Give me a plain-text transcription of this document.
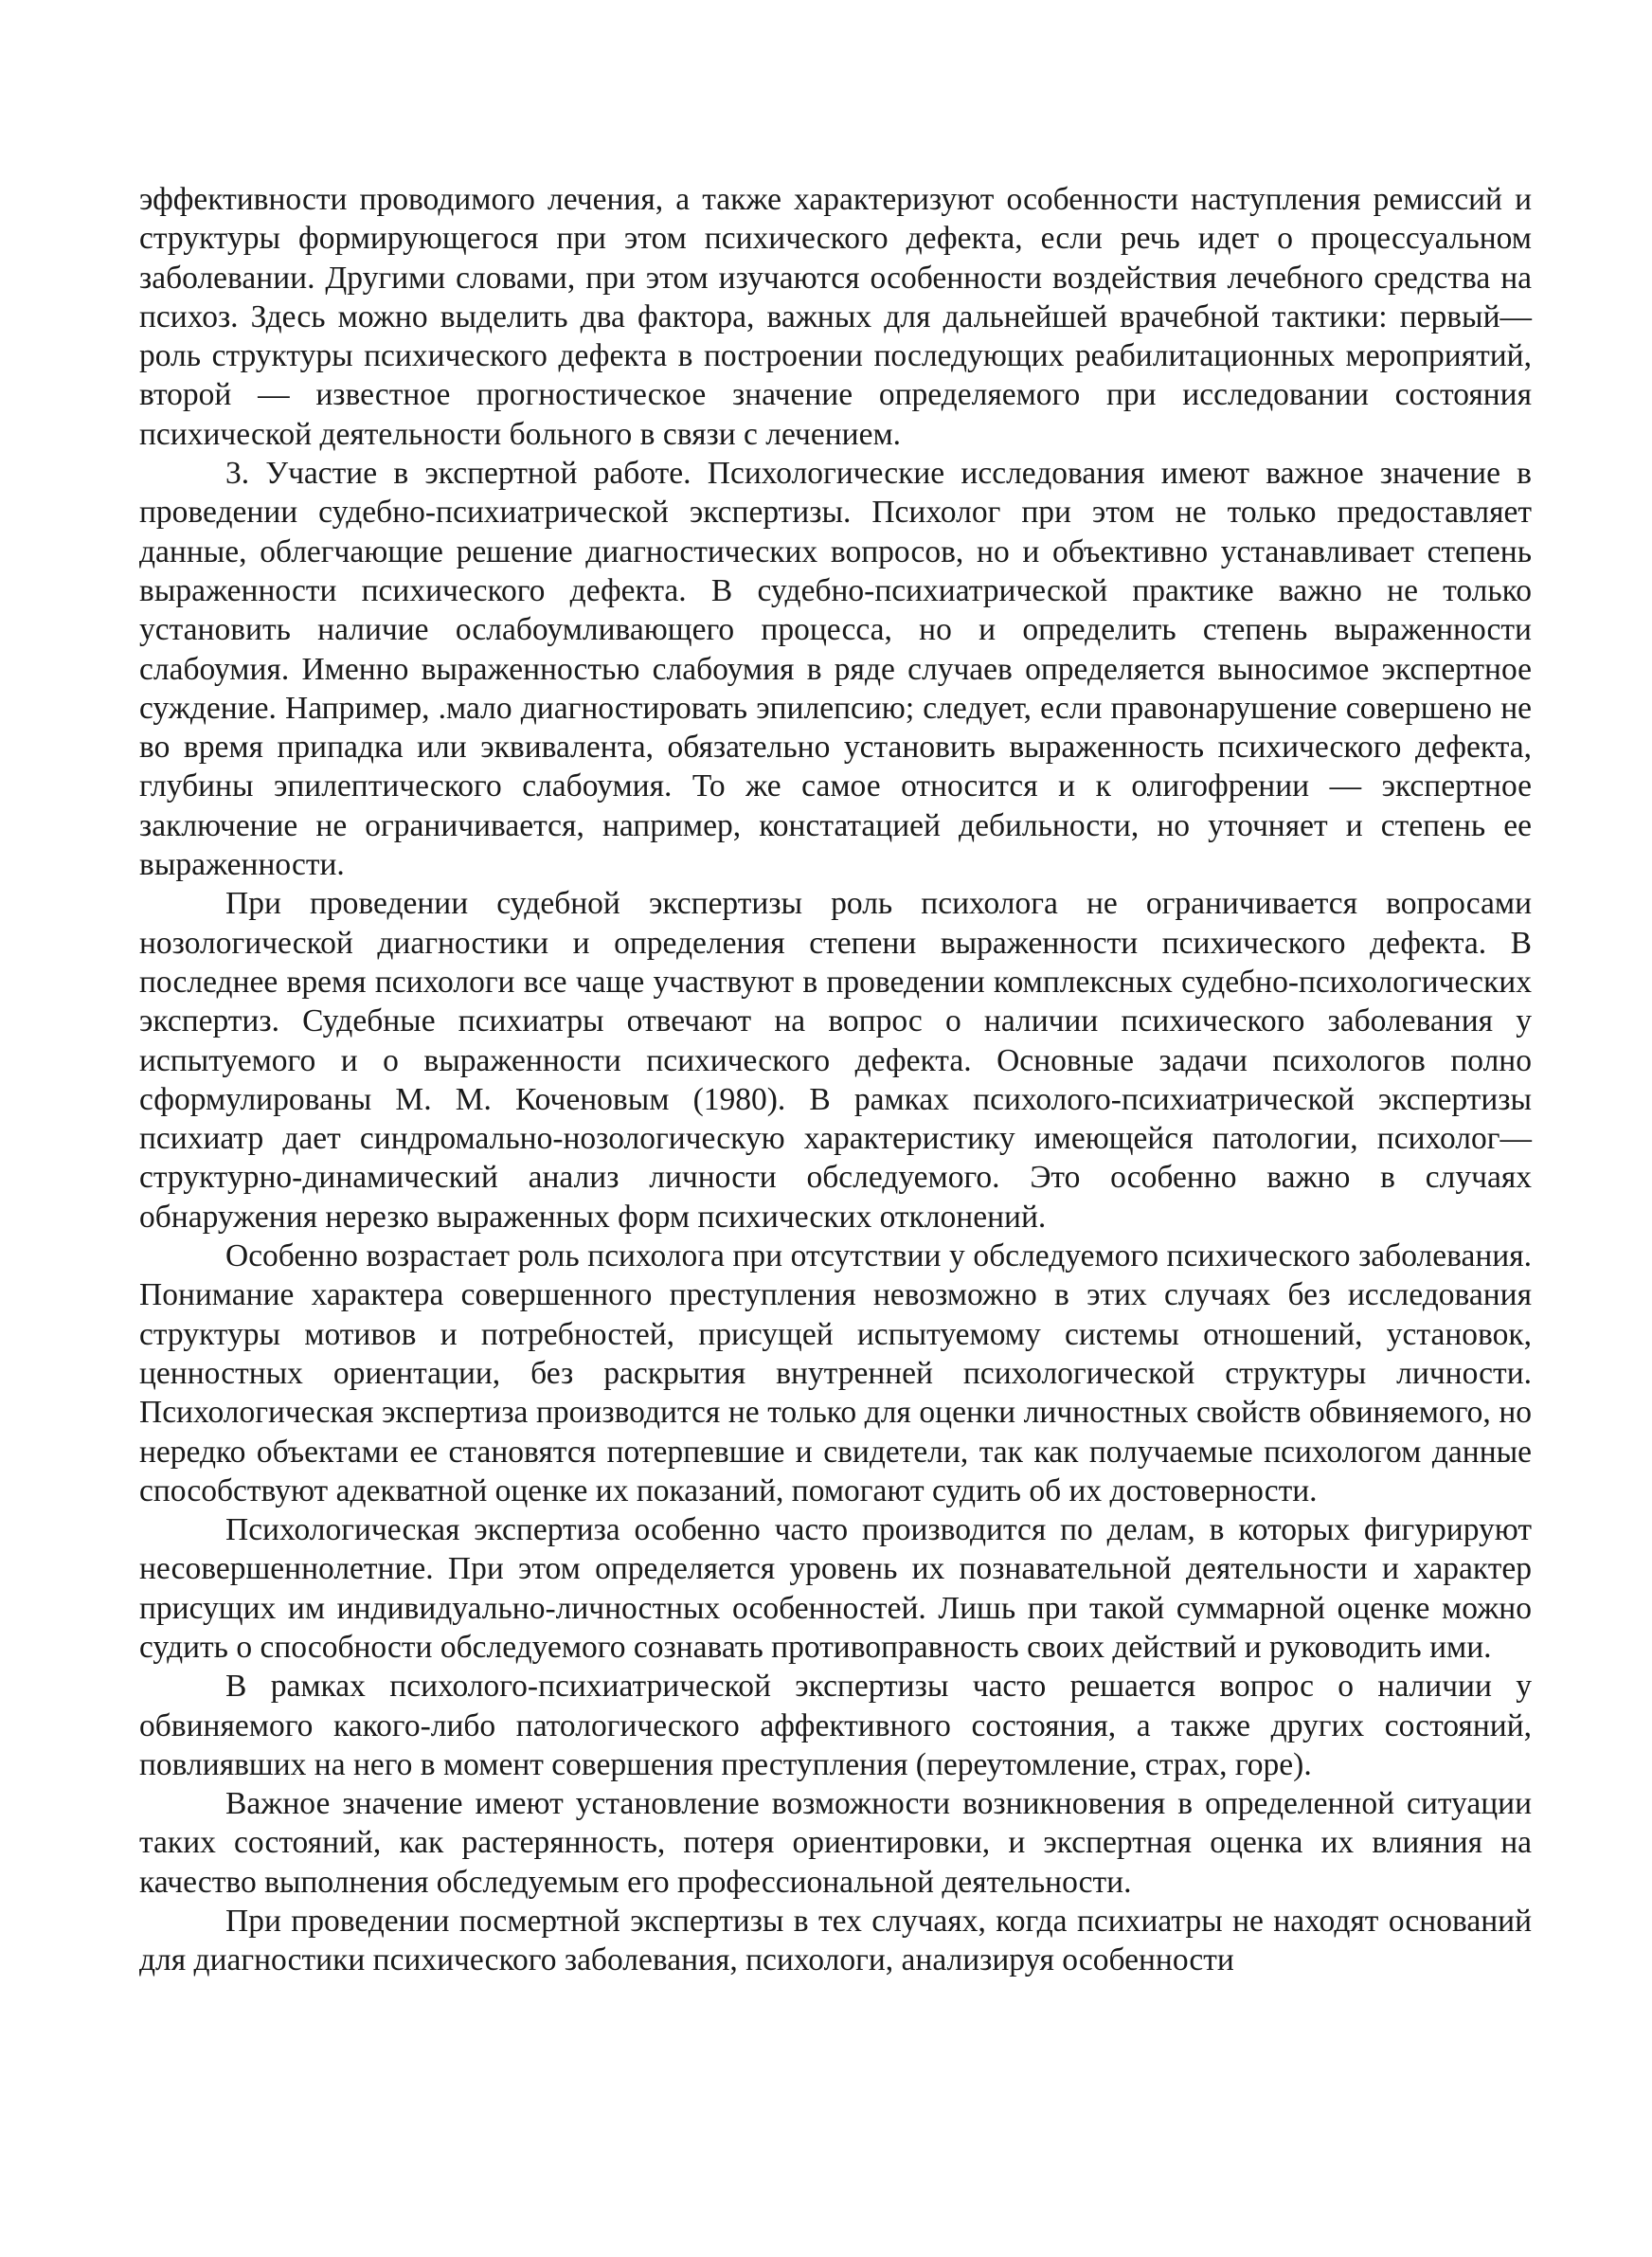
эффективности проводимого лечения, а также характеризуют особенности наступления ремиссий и структуры формирующегося при этом психического дефекта, если речь идет о процессуальном заболевании. Другими словами, при этом изучаются особенности воздействия лечебного средства на психоз. Здесь можно выделить два фактора, важных для дальнейшей врачебной тактики: первый— роль структуры психического дефекта в построении последующих реабилитационных мероприятий, второй — известное прогностическое значение определяемого при исследовании состояния психической деятельности больного в связи с лечением.

3. Участие в экспертной работе. Психологические исследования имеют важное значение в проведении судебно-психиатрической экспертизы. Психолог при этом не только предоставляет данные, облегчающие решение диагностических вопросов, но и объективно устанавливает степень выраженности психического дефекта. В судебно-психиатрической практике важно не только установить наличие ослабоумливающего процесса, но и определить степень выраженности слабоумия. Именно выраженностью слабоумия в ряде случаев определяется выносимое экспертное суждение. Например, .мало диагностировать эпилепсию; следует, если правонарушение совершено не во время припадка или эквивалента, обязательно установить выраженность психического дефекта, глубины эпилептического слабоумия. То же самое относится и к олигофрении — экспертное заключение не ограничивается, например, констатацией дебильности, но уточняет и степень ее выраженности.

При проведении судебной экспертизы роль психолога не ограничивается вопросами нозологической диагностики и определения степени выраженности психического дефекта. В последнее время психологи все чаще участвуют в проведении комплексных судебно-психологических экспертиз. Судебные психиатры отвечают на вопрос о наличии психического заболевания у испытуемого и о выраженности психического дефекта. Основные задачи психологов полно сформулированы М. М. Коченовым (1980). В рамках психолого-психиатрической экспертизы психиатр дает синдромально-нозологическую характеристику имеющейся патологии, психолог—структурно-динамический анализ личности обследуемого. Это особенно важно в случаях обнаружения нерезко выраженных форм психических отклонений.

Особенно возрастает роль психолога при отсутствии у обследуемого психического заболевания. Понимание характера совершенного преступления невозможно в этих случаях без исследования структуры мотивов и потребностей, присущей испытуемому системы отношений, установок, ценностных ориентации, без раскрытия внутренней психологической структуры личности. Психологическая экспертиза производится не только для оценки личностных свойств обвиняемого, но нередко объектами ее становятся потерпевшие и свидетели, так как получаемые психологом данные способствуют адекватной оценке их показаний, помогают судить об их достоверности.

Психологическая экспертиза особенно часто производится по делам, в которых фигурируют несовершеннолетние. При этом определяется уровень их познавательной деятельности и характер присущих им индивидуально-личностных особенностей. Лишь при такой суммарной оценке можно судить о способности обследуемого сознавать противоправность своих действий и руководить ими.

В рамках психолого-психиатрической экспертизы часто решается вопрос о наличии у обвиняемого какого-либо патологического аффективного состояния, а также других состояний, повлиявших на него в момент совершения преступления (переутомление, страх, горе).

Важное значение имеют установление возможности возникновения в определенной ситуации таких состояний, как растерянность, потеря ориентировки, и экспертная оценка их влияния на качество выполнения обследуемым его профессиональной деятельности.

При проведении посмертной экспертизы в тех случаях, когда психиатры не находят оснований для диагностики психического заболевания, психологи, анализируя особенности
